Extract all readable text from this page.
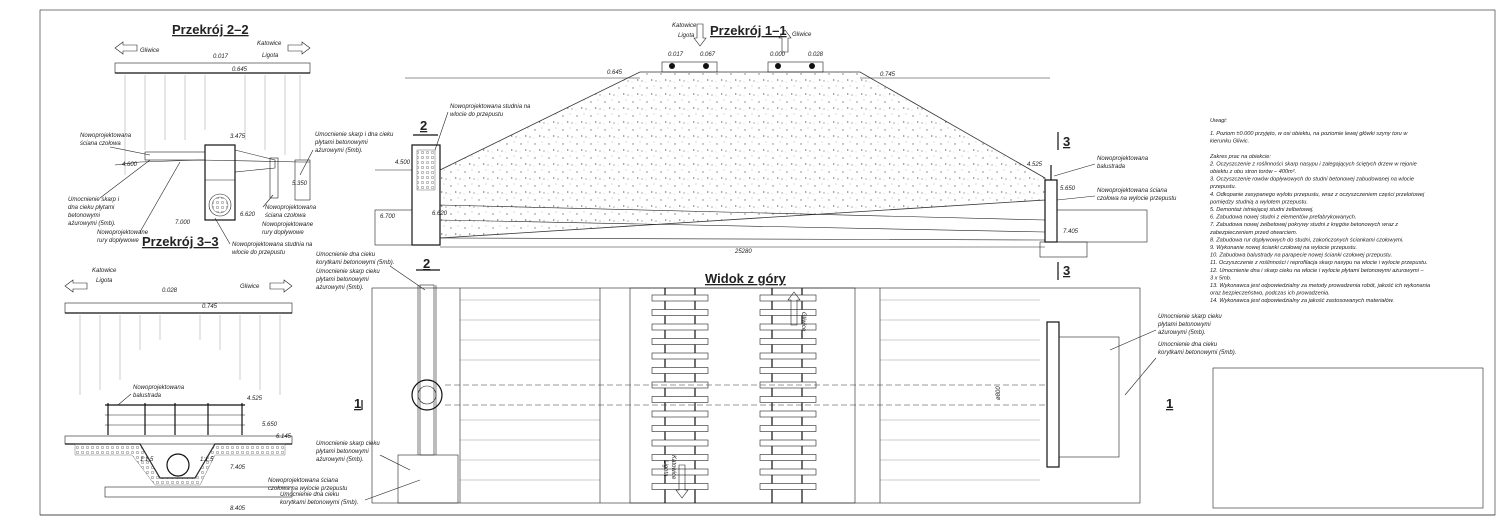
Przekrój 2–2
Gliwice
Katowice
Ligota
0.017
0.645
3.475
4.600
5.350
6.620
7.000
Nowoprojektowana
ściana czołowa
Umocnienie skarp i dna cieku
płytami betonowymi
ażurowymi (5mb).
Umocnienie skarp i
dna cieku płytami
betonowymi
ażurowymi (5mb).
Nowoprojektowane
rury dopływowe
Nowoprojektowana
ściana czołowa
Nowoprojektowane
rury dopływowe
Nowoprojektowana studnia na
wlocie do przepustu
Przekrój 3–3
Katowice
Ligota
Gliwice
0.028
0.745
1:1,5	1:1,5
4.525
5.650
6.145
7.405
8.405
Nowoprojektowana
balustrada
Nowoprojektowana ściana
czołowa na wylocie przepustu
Przekrój 1–1
Katowice
Ligota	Gliwice
0.017	0.067	0.000	0.028
0.645	0.745
2
4.500
6.700	6.620
Nowoprojektowana studnia na
wlocie do przepustu
3
3
4.525
5.650
7.405
Nowoprojektowana
balustrada
Nowoprojektowana ściana
czołowa na wylocie przepustu
25280
Widok z góry
Gliwice
Katowice
Ligota
ø800
1	1
2
Umocnienie dna cieku
korytkami betonowymi (5mb).
Umocnienie skarp cieku
płytami betonowymi
ażurowymi (5mb).
Umocnienie skarp cieku
płytami betonowymi
ażurowymi (5mb).
Umocnienie dna cieku
korytkami betonowymi (5mb).
Umocnienie skarp cieku
płytami betonowymi
ażurowymi (5mb).
Umocnienie dna cieku
korytkami betonowymi (5mb).
Uwagi:
1. Poziom ±0.000 przyjęto, w osi obiektu, na poziomie lewej główki szyny toru w
kierunku Gliwic.
Zakres prac na obiekcie:
2. Oczyszczenie z roślinności skarp nasypu i zalegających ściętych drzew w rejonie
obiektu z obu stron torów – 400m².
3. Oczyszczenie rowów dopływowych do studni betonowej zabudowanej na wlocie
przepustu.
4. Odkopanie zasypanego wylotu przepustu, wraz z oczyszczeniem części przelotowej
pomiędzy studnią a wylotem przepustu.
5. Demontaż istniejącej studni żelbetowej.
6. Zabudowa nowej studni z elementów prefabrykowanych.
7. Zabudowa nowej żelbetowej pokrywy studni z kręgów betonowych wraz z
zabezpieczeniem przed otwarciem.
8. Zabudowa rur dopływowych do studni, zakończonych ściankami czołowymi.
9. Wykonanie nowej ścianki czołowej na wylocie przepustu.
10. Zabudowa balustrady na parapecie nowej ścianki czołowej przepustu.
11. Oczyszczenie z roślinności i reprofilacja skarp nasypu na wlocie i wylocie przepustu.
12. Umocnienie dna i skarp cieku na wlocie i wylocie płytami betonowymi ażurowymi –
3 x 5mb.
13. Wykonawca jest odpowiedzialny za metody prowadzenia robót, jakość ich wykonania
oraz bezpieczeństwo, podczas ich prowadzenia.
14. Wykonawca jest odpowiedzialny za jakość zastosowanych materiałów.
